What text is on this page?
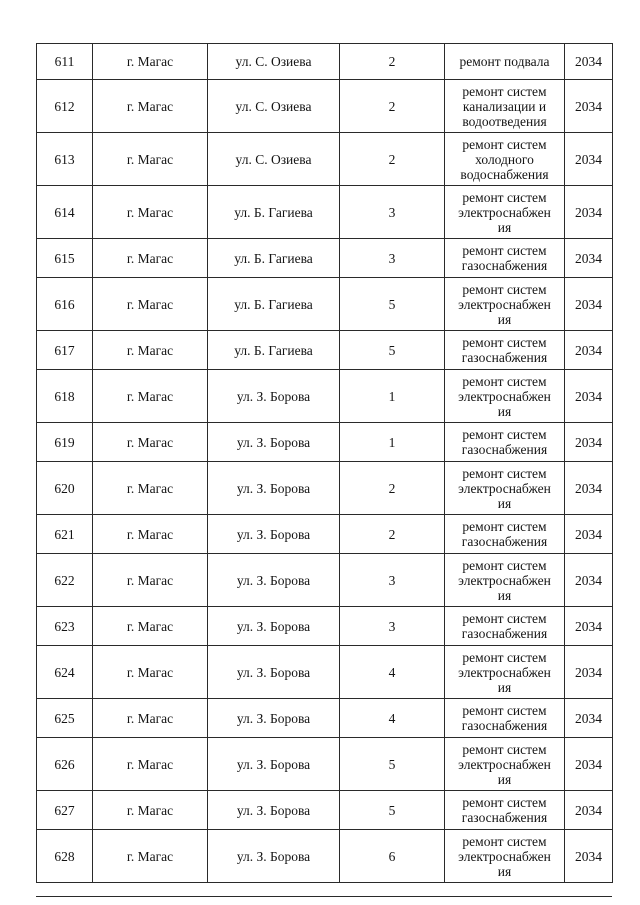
611	г. Магас	ул. С. Озиева	2	ремонт подвала	2034
612	г. Магас	ул. С. Озиева	2	ремонт систем
канализации и
водоотведения	2034
613	г. Магас	ул. С. Озиева	2	ремонт систем
холодного
водоснабжения	2034
614	г. Магас	ул. Б. Гагиева	3	ремонт систем
электроснабжен
ия	2034
615	г. Магас	ул. Б. Гагиева	3	ремонт систем
газоснабжения	2034
616	г. Магас	ул. Б. Гагиева	5	ремонт систем
электроснабжен
ия	2034
617	г. Магас	ул. Б. Гагиева	5	ремонт систем
газоснабжения	2034
618	г. Магас	ул. З. Борова	1	ремонт систем
электроснабжен
ия	2034
619	г. Магас	ул. З. Борова	1	ремонт систем
газоснабжения	2034
620	г. Магас	ул. З. Борова	2	ремонт систем
электроснабжен
ия	2034
621	г. Магас	ул. З. Борова	2	ремонт систем
газоснабжения	2034
622	г. Магас	ул. З. Борова	3	ремонт систем
электроснабжен
ия	2034
623	г. Магас	ул. З. Борова	3	ремонт систем
газоснабжения	2034
624	г. Магас	ул. З. Борова	4	ремонт систем
электроснабжен
ия	2034
625	г. Магас	ул. З. Борова	4	ремонт систем
газоснабжения	2034
626	г. Магас	ул. З. Борова	5	ремонт систем
электроснабжен
ия	2034
627	г. Магас	ул. З. Борова	5	ремонт систем
газоснабжения	2034
628	г. Магас	ул. З. Борова	6	ремонт систем
электроснабжен
ия	2034
